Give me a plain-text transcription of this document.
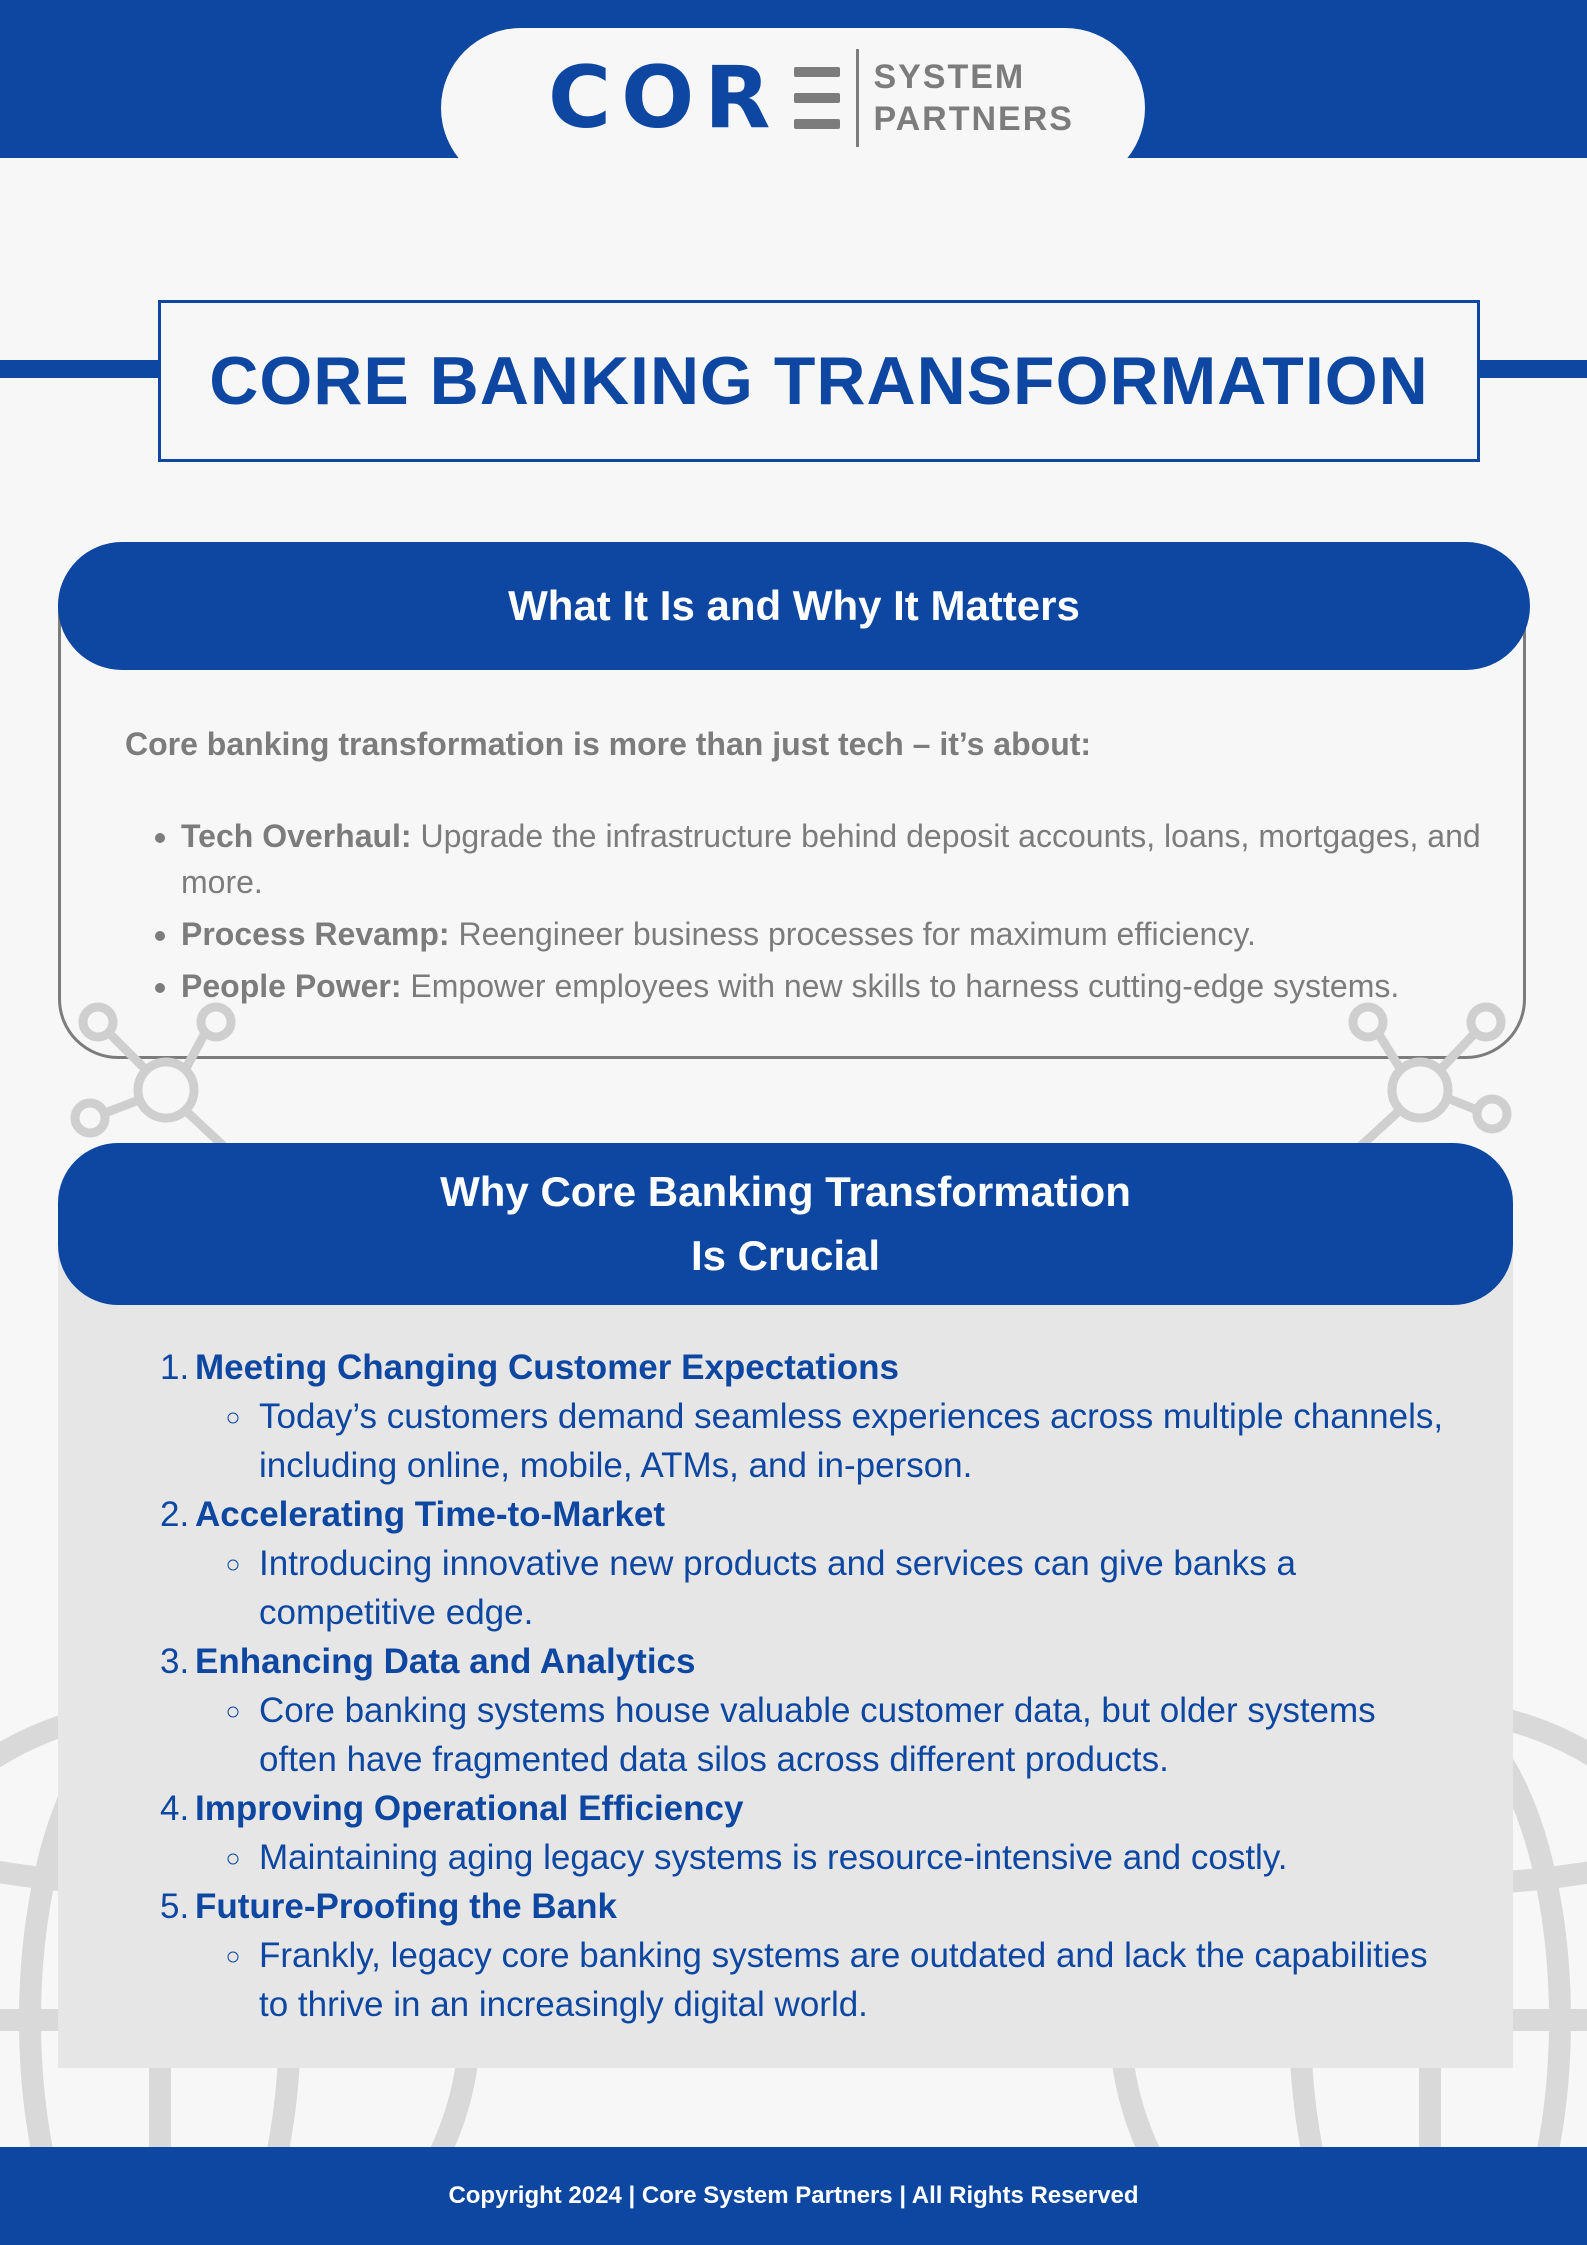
COR	SYSTEM
PARTNERS
CORE BANKING TRANSFORMATION
What It Is and Why It Matters
Core banking transformation is more than just tech – it’s about:
• Tech Overhaul: Upgrade the infrastructure behind deposit accounts, loans, mortgages, and more.
• Process Revamp: Reengineer business processes for maximum efficiency.
• People Power: Empower employees with new skills to harness cutting-edge systems.
Why Core Banking Transformation
Is Crucial
1. Meeting Changing Customer Expectations
◦ Today’s customers demand seamless experiences across multiple channels, including online, mobile, ATMs, and in-person.
2. Accelerating Time-to-Market
◦ Introducing innovative new products and services can give banks a competitive edge.
3. Enhancing Data and Analytics
◦ Core banking systems house valuable customer data, but older systems often have fragmented data silos across different products.
4. Improving Operational Efficiency
◦ Maintaining aging legacy systems is resource-intensive and costly.
5. Future-Proofing the Bank
◦ Frankly, legacy core banking systems are outdated and lack the capabilities to thrive in an increasingly digital world.
Copyright 2024 | Core System Partners | All Rights Reserved
